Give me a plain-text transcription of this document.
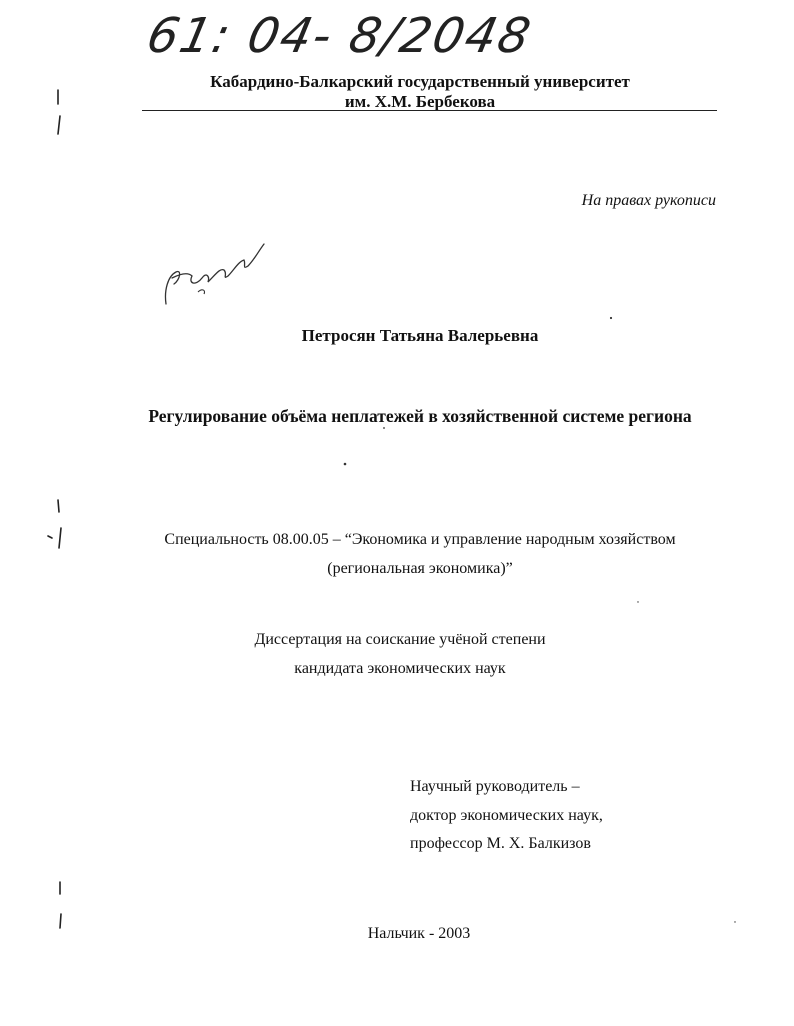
61: 04- 8/2048
Кабардино-Балкарский государственный университет
им. Х.М. Бербекова
На правах рукописи
Петросян Татьяна Валерьевна
Регулирование объёма неплатежей в хозяйственной системе региона
Специальность 08.00.05 – “Экономика и управление народным хозяйством
(региональная экономика)”
Диссертация на соискание учёной степени
кандидата экономических наук
Научный руководитель –
доктор экономических наук,
профессор М. Х. Балкизов
Нальчик - 2003
